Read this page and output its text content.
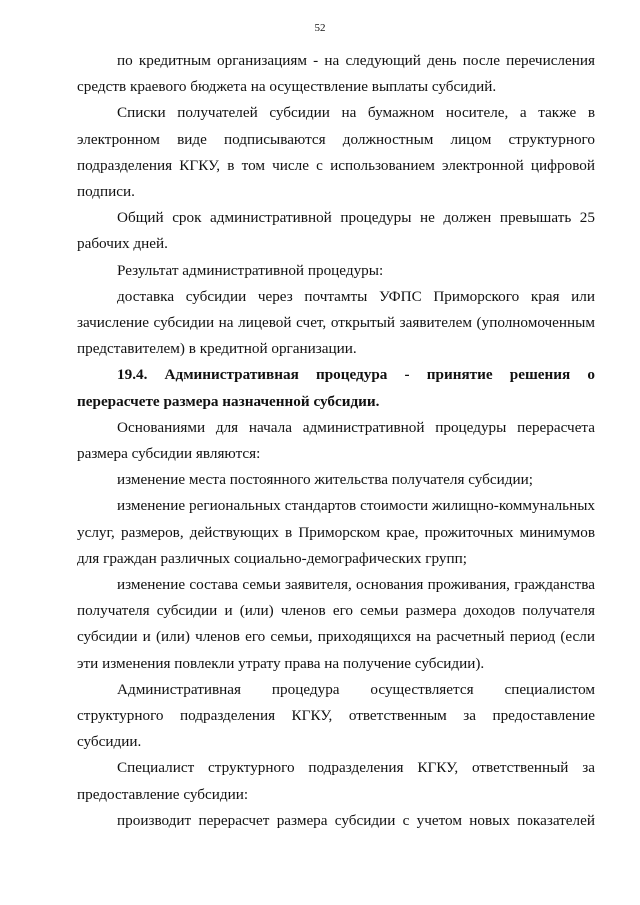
52

по кредитным организациям - на следующий день после перечисления средств краевого бюджета на осуществление выплаты субсидий.

Списки получателей субсидии на бумажном носителе, а также в электронном виде подписываются должностным лицом структурного подразделения КГКУ, в том числе с использованием электронной цифровой подписи.

Общий срок административной процедуры не должен превышать 25 рабочих дней.

Результат административной процедуры:

доставка субсидии через почтамты УФПС Приморского края или зачисление субсидии на лицевой счет, открытый заявителем (уполномоченным представителем) в кредитной организации.

19.4. Административная процедура - принятие решения о перерасчете размера назначенной субсидии.

Основаниями для начала административной процедуры перерасчета размера субсидии являются:

изменение места постоянного жительства получателя субсидии;

изменение региональных стандартов стоимости жилищно-коммунальных услуг, размеров, действующих в Приморском крае, прожиточных минимумов для граждан различных социально-демографических групп;

изменение состава семьи заявителя, основания проживания, гражданства получателя субсидии и (или) членов его семьи размера доходов получателя субсидии и (или) членов его семьи, приходящихся на расчетный период (если эти изменения повлекли утрату права на получение субсидии).

Административная процедура осуществляется специалистом структурного подразделения КГКУ, ответственным за предоставление субсидии.

Специалист структурного подразделения КГКУ, ответственный за предоставление субсидии:

производит перерасчет размера субсидии с учетом новых показателей
